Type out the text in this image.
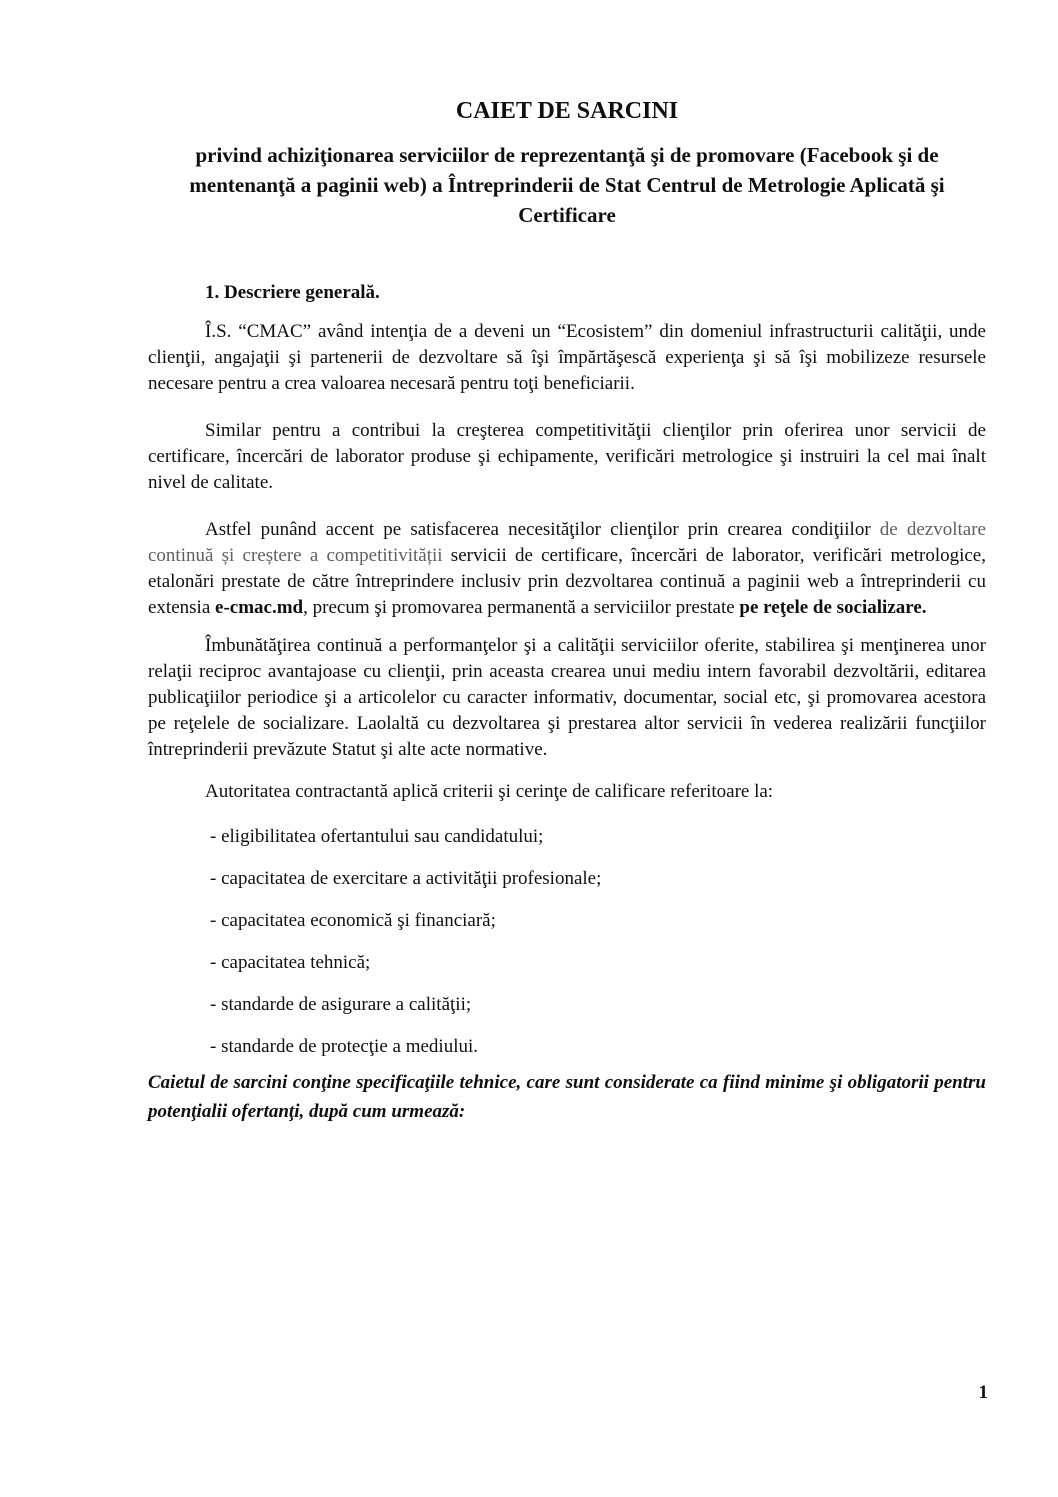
CAIET DE SARCINI
privind achiziţionarea serviciilor de reprezentanţă şi de promovare (Facebook şi de
mentenanţă a paginii web) a Întreprinderii de Stat Centrul de Metrologie Aplicată şi
Certificare
1. Descriere generală.

Î.S. “CMAC” având intenţia de a deveni un “Ecosistem” din domeniul infrastructurii calităţii, unde clienţii, angajaţii şi partenerii de dezvoltare să îşi împărtăşescă experienţa şi să îşi mobilizeze resursele necesare pentru a crea valoarea necesară pentru toţi beneficiarii.

Similar pentru a contribui la creşterea competitivităţii clienţilor prin oferirea unor servicii de certificare, încercări de laborator produse şi echipamente, verificări metrologice şi instruiri la cel mai înalt nivel de calitate.

Astfel punând accent pe satisfacerea necesităţilor clienţilor prin crearea condiţiilor de dezvoltare continuă și creștere a competitivității servicii de certificare, încercări de laborator, verificări metrologice, etalonări prestate de către întreprindere inclusiv prin dezvoltarea continuă a paginii web a întreprinderii cu extensia e-cmac.md, precum şi promovarea permanentă a serviciilor prestate pe reţele de socializare.

Îmbunătăţirea continuă a performanţelor şi a calităţii serviciilor oferite, stabilirea şi menţinerea unor relaţii reciproc avantajoase cu clienţii, prin aceasta crearea unui mediu intern favorabil dezvoltării, editarea publicaţiilor periodice şi a articolelor cu caracter informativ, documentar, social etc, şi promovarea acestora pe reţelele de socializare. Laolaltă cu dezvoltarea şi prestarea altor servicii în vederea realizării funcţiilor întreprinderii prevăzute Statut şi alte acte normative.

Autoritatea contractantă aplică criterii şi cerinţe de calificare referitoare la:

- eligibilitatea ofertantului sau candidatului;
- capacitatea de exercitare a activităţii profesionale;
- capacitatea economică şi financiară;
- capacitatea tehnică;
- standarde de asigurare a calităţii;
- standarde de protecţie a mediului.

Caietul de sarcini conţine specificaţiile tehnice, care sunt considerate ca fiind minime şi obligatorii pentru potenţialii ofertanţi, după cum urmează:

1
